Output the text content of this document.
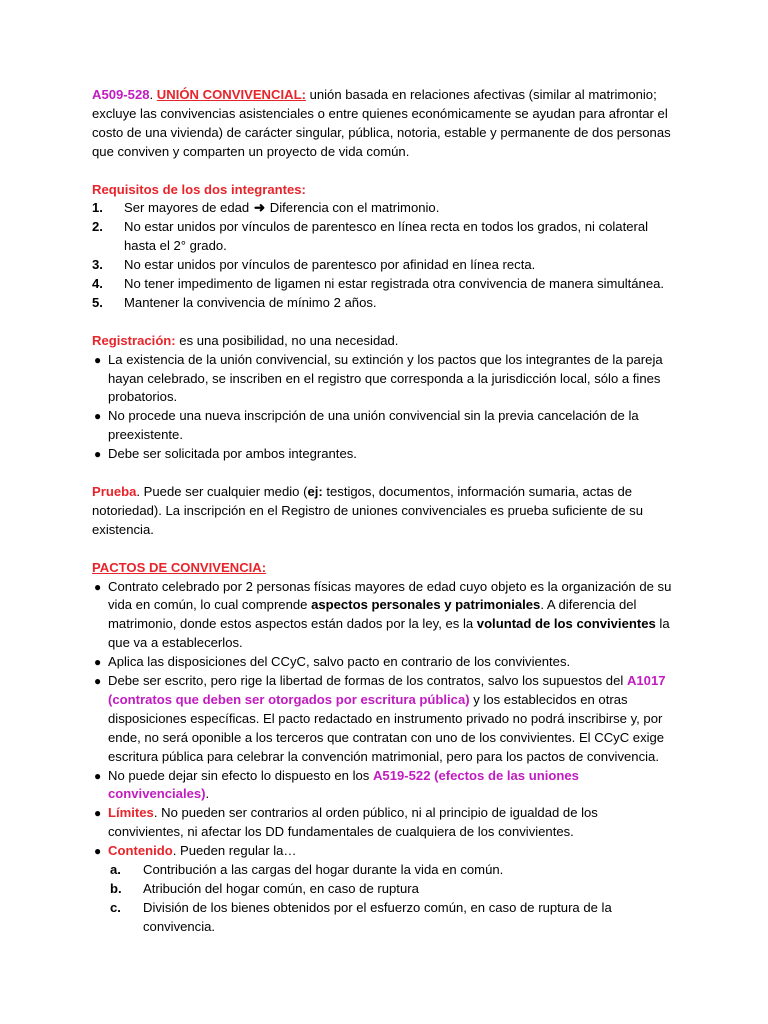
A509-528. UNIÓN CONVIVENCIAL: unión basada en relaciones afectivas (similar al matrimonio; excluye las convivencias asistenciales o entre quienes económicamente se ayudan para afrontar el costo de una vivienda) de carácter singular, pública, notoria, estable y permanente de dos personas que conviven y comparten un proyecto de vida común.

Requisitos de los dos integrantes:

1.	Ser mayores de edad ➜ Diferencia con el matrimonio.
2.	No estar unidos por vínculos de parentesco en línea recta en todos los grados, ni colateral hasta el 2° grado.
3.	No estar unidos por vínculos de parentesco por afinidad en línea recta.
4.	No tener impedimento de ligamen ni estar registrada otra convivencia de manera simultánea.
5.	Mantener la convivencia de mínimo 2 años.

Registración: es una posibilidad, no una necesidad.

● La existencia de la unión convivencial, su extinción y los pactos que los integrantes de la pareja hayan celebrado, se inscriben en el registro que corresponda a la jurisdicción local, sólo a fines probatorios.
● No procede una nueva inscripción de una unión convivencial sin la previa cancelación de la preexistente.
● Debe ser solicitada por ambos integrantes.

Prueba. Puede ser cualquier medio (ej: testigos, documentos, información sumaria, actas de notoriedad). La inscripción en el Registro de uniones convivenciales es prueba suficiente de su existencia.

PACTOS DE CONVIVENCIA:

● Contrato celebrado por 2 personas físicas mayores de edad cuyo objeto es la organización de su vida en común, lo cual comprende aspectos personales y patrimoniales. A diferencia del matrimonio, donde estos aspectos están dados por la ley, es la voluntad de los convivientes la que va a establecerlos.
● Aplica las disposiciones del CCyC, salvo pacto en contrario de los convivientes.
● Debe ser escrito, pero rige la libertad de formas de los contratos, salvo los supuestos del A1017 (contratos que deben ser otorgados por escritura pública) y los establecidos en otras disposiciones específicas. El pacto redactado en instrumento privado no podrá inscribirse y, por ende, no será oponible a los terceros que contratan con uno de los convivientes. El CCyC exige escritura pública para celebrar la convención matrimonial, pero para los pactos de convivencia.
● No puede dejar sin efecto lo dispuesto en los A519-522 (efectos de las uniones convivenciales).
● Límites. No pueden ser contrarios al orden público, ni al principio de igualdad de los convivientes, ni afectar los DD fundamentales de cualquiera de los convivientes.
● Contenido. Pueden regular la…
a.	Contribución a las cargas del hogar durante la vida en común.
b.	Atribución del hogar común, en caso de ruptura
c.	División de los bienes obtenidos por el esfuerzo común, en caso de ruptura de la convivencia.
